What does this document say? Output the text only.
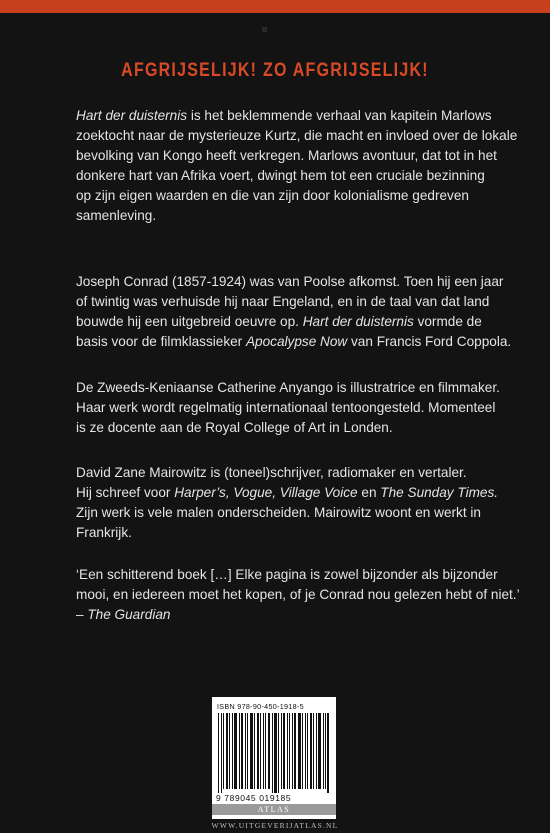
AFGRIJSELIJK! ZO AFGRIJSELIJK!
Hart der duisternis is het beklemmende verhaal van kapitein Marlows
zoektocht naar de mysterieuze Kurtz, die macht en invloed over de lokale
bevolking van Kongo heeft verkregen. Marlows avontuur, dat tot in het
donkere hart van Afrika voert, dwingt hem tot een cruciale bezinning
op zijn eigen waarden en die van zijn door kolonialisme gedreven
samenleving.
Joseph Conrad (1857-1924) was van Poolse afkomst. Toen hij een jaar
of twintig was verhuisde hij naar Engeland, en in de taal van dat land
bouwde hij een uitgebreid oeuvre op. Hart der duisternis vormde de
basis voor de filmklassieker Apocalypse Now van Francis Ford Coppola.
De Zweeds-Keniaanse Catherine Anyango is illustratrice en filmmaker.
Haar werk wordt regelmatig internationaal tentoongesteld. Momenteel
is ze docente aan de Royal College of Art in Londen.
David Zane Mairowitz is (toneel)schrijver, radiomaker en vertaler.
Hij schreef voor Harper’s, Vogue, Village Voice en The Sunday Times.
Zijn werk is vele malen onderscheiden. Mairowitz woont en werkt in
Frankrijk.
‘Een schitterend boek […] Elke pagina is zowel bijzonder als bijzonder
mooi, en iedereen moet het kopen, of je Conrad nou gelezen hebt of niet.’
– The Guardian
ISBN 978-90-450-1918-5
9 789045 019185
ATLAS
WWW.UITGEVERIJATLAS.NL
